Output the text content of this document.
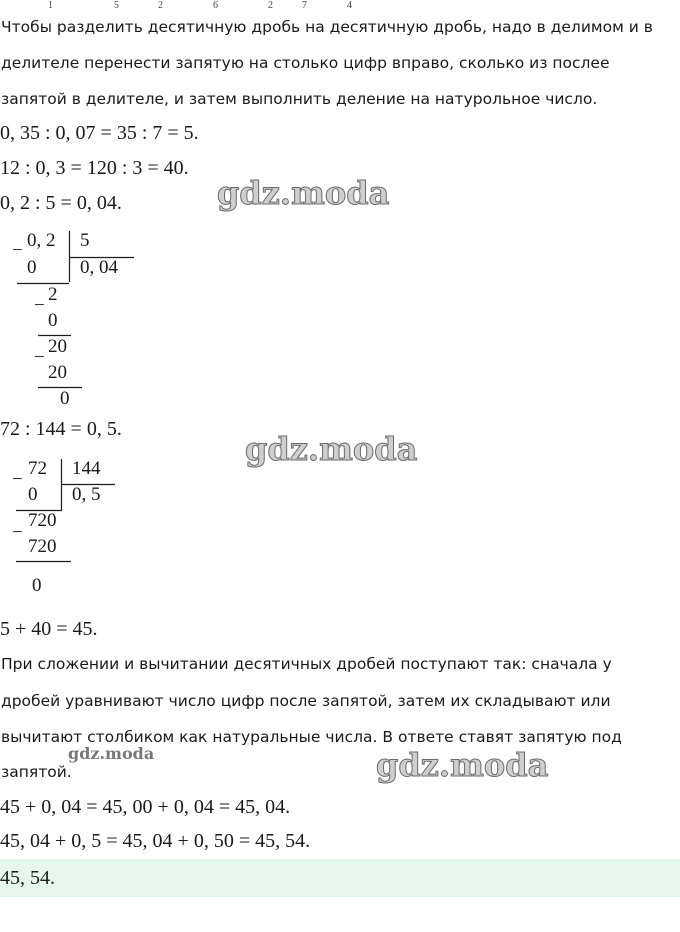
1	5	2	6	2	7	4
Чтобы разделить десятичную дробь на десятичную дробь, надо в делимом и в
делителе перенести запятую на столько цифр вправо, сколько из послее
запятой в делителе, и затем выполнить деление на натурольное число.
0, 35 : 0, 07 = 35 : 7 = 5.
12 : 0, 3 = 120 : 3 = 40.
0, 2 : 5 = 0, 04.
− 0, 2 5
0 0, 04
−
2
0
−
20
20
0
72 : 144 = 0, 5.
−
72 144
0 0, 5
−
720
720
0
5 + 40 = 45.
При сложении и вычитании десятичных дробей поступают так: сначала у
дробей уравнивают число цифр после запятой, затем их складывают или
вычитают столбиком как натуральные числа. В ответе ставят запятую под
запятой.
45 + 0, 04 = 45, 00 + 0, 04 = 45, 04.
45, 04 + 0, 5 = 45, 04 + 0, 50 = 45, 54.
45, 54.
gdz.moda
gdz.moda
gdz.moda
gdz.moda
